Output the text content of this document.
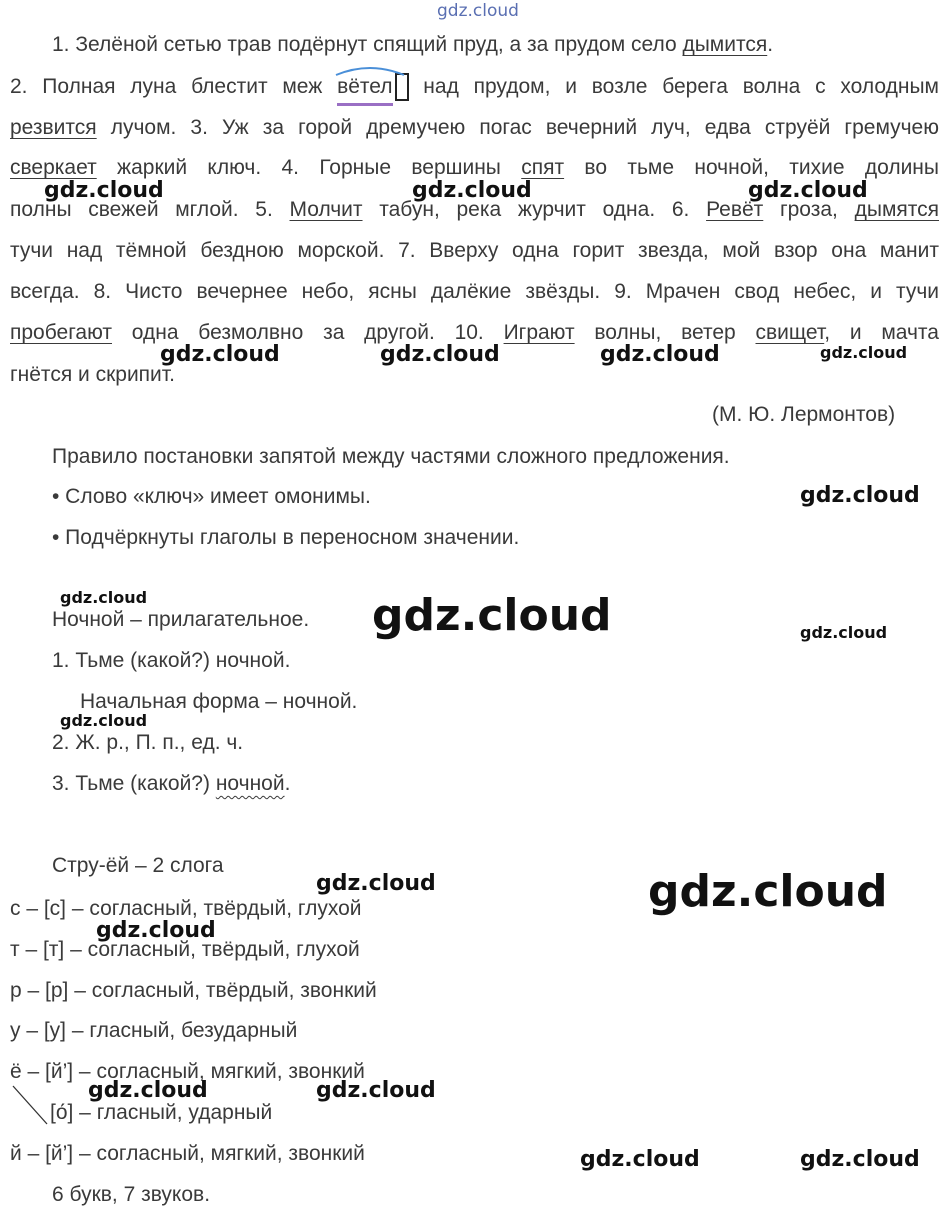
gdz.cloud
1. Зелёной сетью трав подёрнут спящий пруд, а за прудом село дымится.
2. Полная луна блестит меж
вётел
над прудом, и возле берега волна с холодным
резвится лучом. 3. Уж за горой дремучею погас вечерний луч, едва струёй гремучею
сверкает жаркий ключ. 4. Горные вершины спят во тьме ночной, тихие долины
полны свежей мглой. 5. Молчит табун, река журчит одна. 6. Ревёт гроза, дымятся
тучи над тёмной бездною морской. 7. Вверху одна горит звезда, мой взор она манит
всегда. 8. Чисто вечернее небо, ясны далёкие звёзды. 9. Мрачен свод небес, и тучи
пробегают одна безмолвно за другой. 10. Играют волны, ветер свищет, и мачта
гнётся и скрипит.
(М. Ю. Лермонтов)
Правило постановки запятой между частями сложного предложения.
• Слово «ключ» имеет омонимы.
• Подчёркнуты глаголы в переносном значении.
Ночной – прилагательное.
1. Тьме (какой?) ночной.
Начальная форма – ночной.
2. Ж. р., П. п., ед. ч.
3. Тьме (какой?) ночной.
Стру-ёй – 2 слога
с – [с] – согласный, твёрдый, глухой
т – [т] – согласный, твёрдый, глухой
р – [р] – согласный, твёрдый, звонкий
у – [у] – гласный, безударный
ё – [й’] – согласный, мягкий, звонкий
[о́] – гласный, ударный
й – [й’] – согласный, мягкий, звонкий
6 букв, 7 звуков.
gdz.cloud	gdz.cloud	gdz.cloud
gdz.cloud	gdz.cloud	gdz.cloud	gdz.cloud
gdz.cloud
gdz.cloud	gdz.cloud	gdz.cloud
gdz.cloud
gdz.cloud	gdz.cloud
gdz.cloud
gdz.cloud	gdz.cloud
gdz.cloud	gdz.cloud
